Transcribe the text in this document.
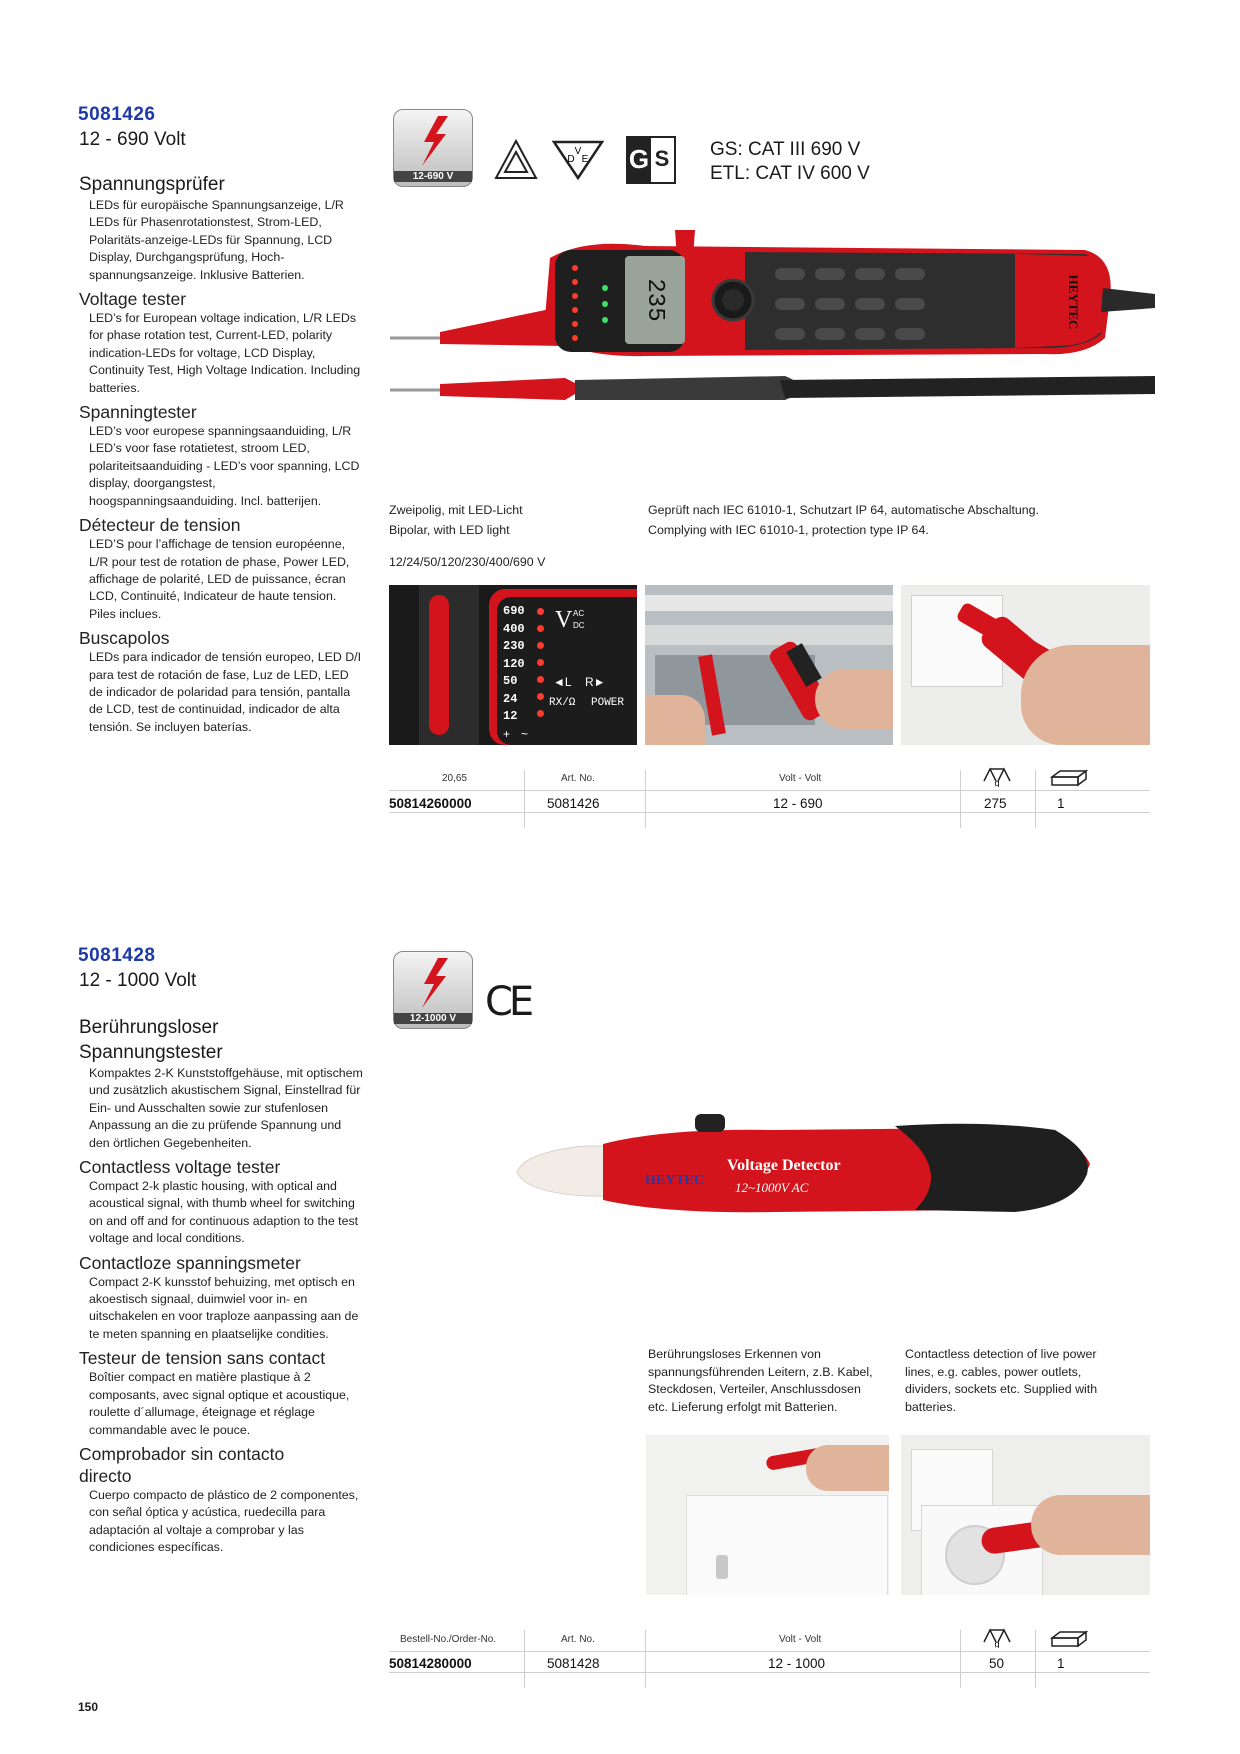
5081426
12 - 690 Volt
Spannungsprüfer
LEDs für europäische Spannungsanzeige, L/R LEDs für Phasenrotationstest, Strom-LED, Polaritäts-anzeige-LEDs für Spannung, LCD Display, Durchgangsprüfung, Hoch-spannungsanzeige. Inklusive Batterien.
Voltage tester
LED’s for European voltage indication, L/R LEDs for phase rotation test, Current-LED, polarity indication-LEDs for voltage, LCD Display, Continuity Test, High Voltage Indication. Including batteries.
Spanningtester
LED’s voor europese spanningsaanduiding, L/R LED’s voor fase rotatietest, stroom LED, polariteitsaanduiding - LED’s voor spanning, LCD display, doorgangstest, hoogspanningsaanduiding. Incl. batterijen.
Détecteur de tension
LED’S pour l’affichage de tension européenne, L/R pour test de rotation de phase, Power LED, affichage de polarité, LED de puissance, écran LCD, Continuité, Indicateur de haute tension. Piles inclues.
Buscapolos
LEDs para indicador de tensión europeo, LED D/I para test de rotación de fase, Luz de LED, LED de indicador de polaridad para tensión, pantalla de LCD, test de continuidad, indicador de alta tensión. Se incluyen baterías.
12-690 V
V
D E G S GS: CAT III 690 V
ETL: CAT IV 600 V
235	HEYTEC
Zweipolig, mit LED-Licht
Bipolar, with LED light
12/24/50/120/230/400/690 V
Geprüft nach IEC 61010-1, Schutzart IP 64, automatische Abschaltung.
Complying with IEC 61010-1, protection type IP 64.
690
400
230
120
50
24
12
V AC
DC
◄L R►
RX/Ω POWER
+ ~
20,65	Art. No.	Volt - Volt	g
50814260000	5081426	12 - 690	275	1
5081428
12 - 1000 Volt
Berührungsloser Spannungstester
Kompaktes 2-K Kunststoffgehäuse, mit optischem und zusätzlich akustischem Signal, Einstellrad für Ein- und Ausschalten sowie zur stufenlosen Anpassung an die zu prüfende Spannung und den örtlichen Gegebenheiten.
Contactless voltage tester
Compact 2-k plastic housing, with optical and acoustical signal, with thumb wheel for switching on and off and for continuous adaption to the test voltage and local conditions.
Contactloze spanningsmeter
Compact 2-K kunsstof behuizing, met optisch en akoestisch signaal, duimwiel voor in- en uitschakelen en voor traploze aanpassing aan de te meten spanning en plaatselijke condities.
Testeur de tension sans contact
Boîtier compact en matière plastique à 2 composants, avec signal optique et acoustique, roulette d´allumage, éteignage et réglage commandable avec le pouce.
Comprobador sin contacto directo
Cuerpo compacto de plástico de 2 componentes, con señal óptica y acústica, ruedecilla para adaptación al voltaje a comprobar y las condiciones específicas.
12-1000 V CE
HEYTEC
Voltage Detector
12~1000V AC
Berührungsloses Erkennen von spannungsführenden Leitern, z.B. Kabel, Steckdosen, Verteiler, Anschlussdosen etc. Lieferung erfolgt mit Batterien.
Contactless detection of live power lines, e.g. cables, power outlets, dividers, sockets etc. Supplied with batteries.
Bestell-No./Order-No.	Art. No.	Volt - Volt	g
50814280000	5081428	12 - 1000	50	1
150
